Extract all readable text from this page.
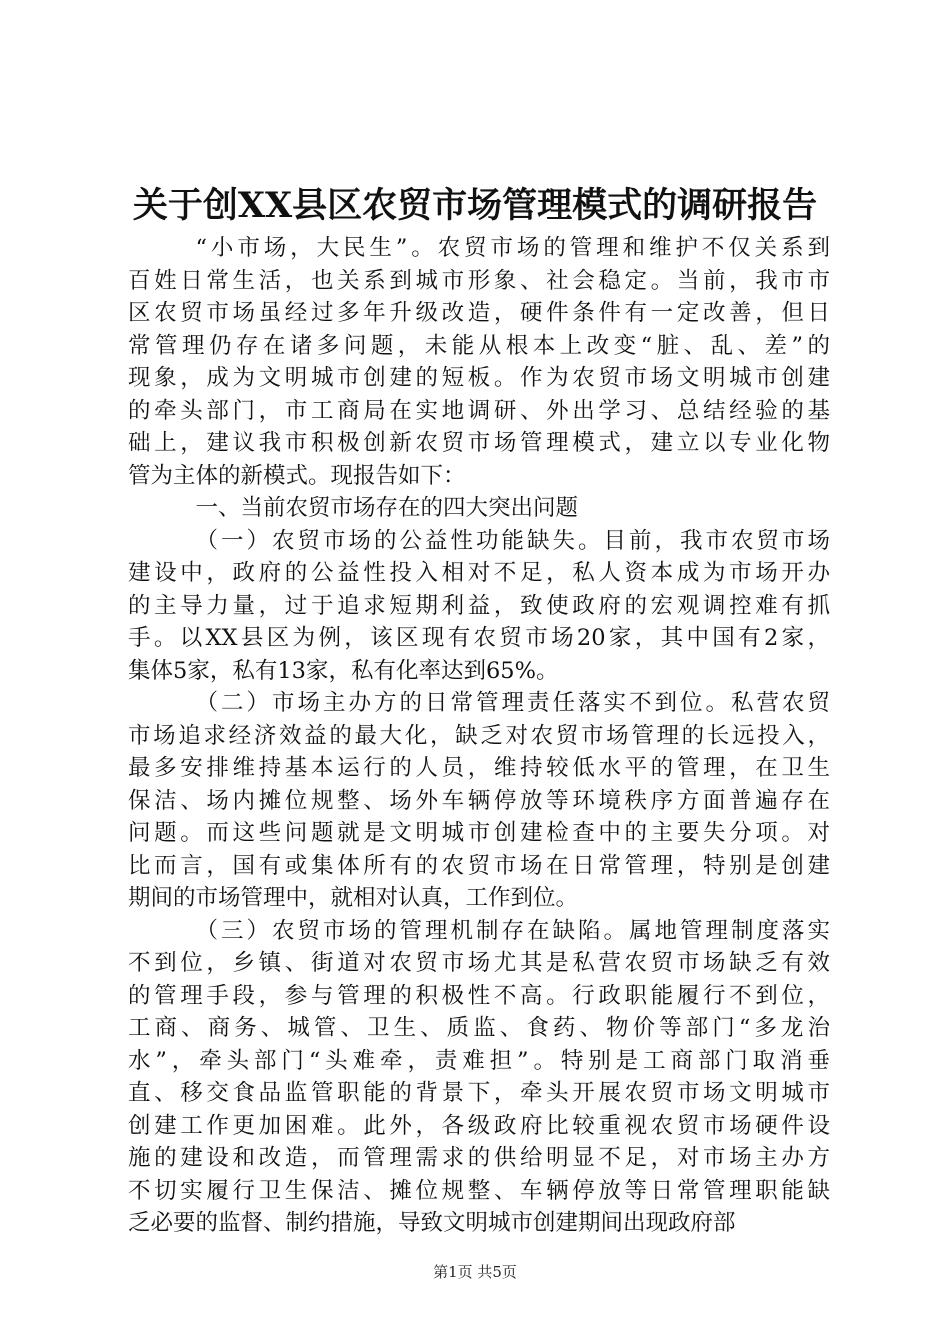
关于创XX县区农贸市场管理模式的调研报告

“小市场，大民生”。农贸市场的管理和维护不仅关系到
百姓日常生活，也关系到城市形象、社会稳定。当前，我市市
区农贸市场虽经过多年升级改造，硬件条件有一定改善，但日
常管理仍存在诸多问题，未能从根本上改变“脏、乱、差”的
现象，成为文明城市创建的短板。作为农贸市场文明城市创建
的牵头部门，市工商局在实地调研、外出学习、总结经验的基
础上，建议我市积极创新农贸市场管理模式，建立以专业化物
管为主体的新模式。现报告如下：

一、当前农贸市场存在的四大突出问题

（一）农贸市场的公益性功能缺失。目前，我市农贸市场
建设中，政府的公益性投入相对不足，私人资本成为市场开办
的主导力量，过于追求短期利益，致使政府的宏观调控难有抓
手。以XX县区为例，该区现有农贸市场20家，其中国有2家，
集体5家，私有13家，私有化率达到65%。

（二）市场主办方的日常管理责任落实不到位。私营农贸
市场追求经济效益的最大化，缺乏对农贸市场管理的长远投入，
最多安排维持基本运行的人员，维持较低水平的管理，在卫生
保洁、场内摊位规整、场外车辆停放等环境秩序方面普遍存在
问题。而这些问题就是文明城市创建检查中的主要失分项。对
比而言，国有或集体所有的农贸市场在日常管理，特别是创建
期间的市场管理中，就相对认真，工作到位。

（三）农贸市场的管理机制存在缺陷。属地管理制度落实
不到位，乡镇、街道对农贸市场尤其是私营农贸市场缺乏有效
的管理手段，参与管理的积极性不高。行政职能履行不到位，
工商、商务、城管、卫生、质监、食药、物价等部门“多龙治
水”，牵头部门“头难牵，责难担”。特别是工商部门取消垂
直、移交食品监管职能的背景下，牵头开展农贸市场文明城市
创建工作更加困难。此外，各级政府比较重视农贸市场硬件设
施的建设和改造，而管理需求的供给明显不足，对市场主办方
不切实履行卫生保洁、摊位规整、车辆停放等日常管理职能缺
乏必要的监督、制约措施，导致文明城市创建期间出现政府部

第1页 共5页
